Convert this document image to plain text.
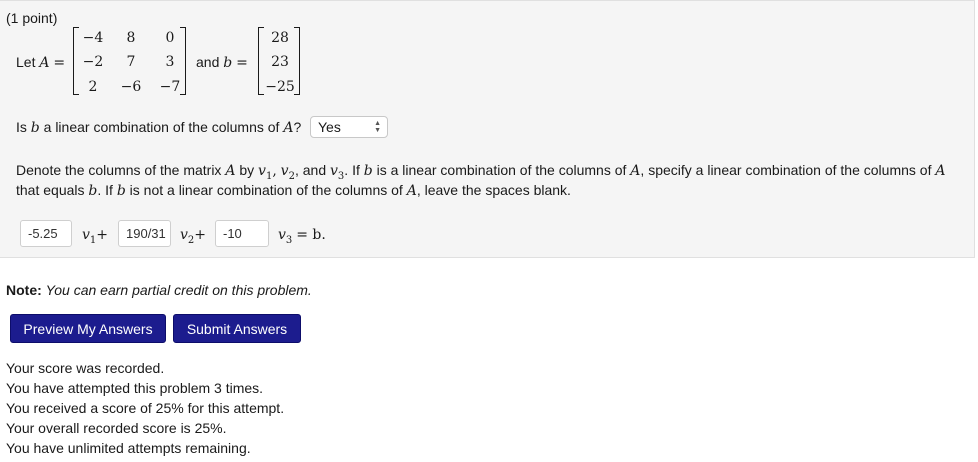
(1 point)
Let A =
−4	8	0
−2	7	3
2	−6 −7
and b =
28
23
−25
Is b a linear combination of the columns of A?	Yes	▲
▼
Denote the columns of the matrix A by $v_1$, $v_2$, and $v_3$. If b is a linear combination of the columns of A, specify a linear combination of the columns of A
that equals b. If b is not a linear combination of the columns of A, leave the spaces blank.
-5.25	$v_1+$	190/31	$v_2+$	-10	$v_3 = b$.
Note: You can earn partial credit on this problem.
Preview My Answers	Submit Answers
Your score was recorded.
You have attempted this problem 3 times.
You received a score of 25% for this attempt.
Your overall recorded score is 25%.
You have unlimited attempts remaining.
